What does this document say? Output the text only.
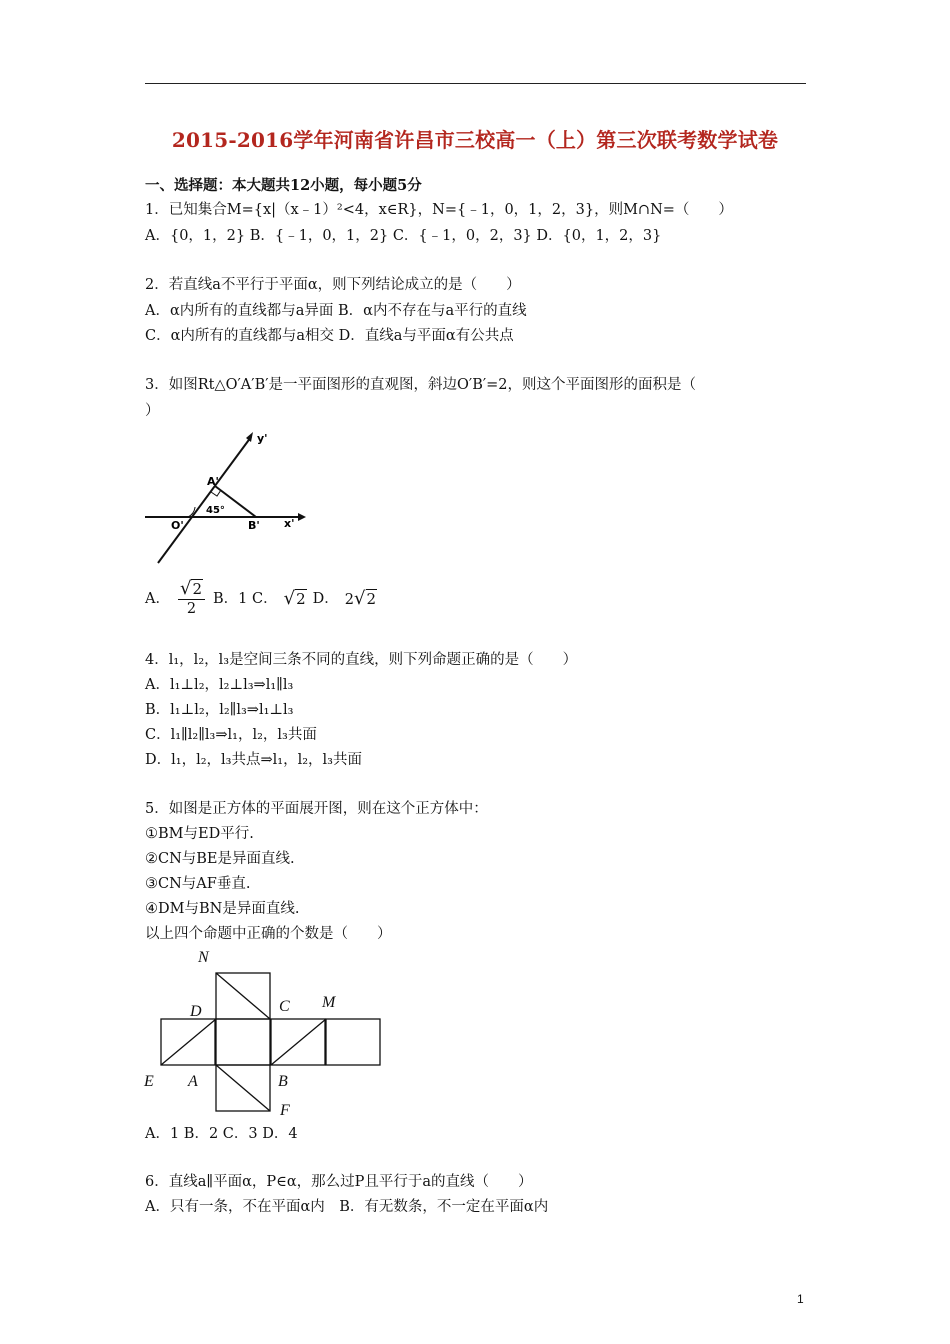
2015-2016学年河南省许昌市三校高一（上）第三次联考数学试卷
一、选择题：本大题共12小题，每小题5分
1．已知集合M={x|（x﹣1）²<4，x∈R}，N={﹣1，0，1，2，3}，则M∩N=（　　）
A．{0，1，2} B．{﹣1，0，1，2} C．{﹣1，0，2，3} D．{0，1，2，3}
2．若直线a不平行于平面α，则下列结论成立的是（　　）
A．α内所有的直线都与a异面 B．α内不存在与a平行的直线
C．α内所有的直线都与a相交 D．直线a与平面α有公共点
3．如图Rt△O′A′B′是一平面图形的直观图，斜边O′B′=2，则这个平面图形的面积是（
）
y'
x'
A'
B'
O'
45°
A． $\frac{√2}{2}$ B．1 C． √2 D． 2√2
4．l₁，l₂，l₃是空间三条不同的直线，则下列命题正确的是（　　）
A．l₁⊥l₂，l₂⊥l₃⇒l₁∥l₃
B．l₁⊥l₂，l₂∥l₃⇒l₁⊥l₃
C．l₁∥l₂∥l₃⇒l₁，l₂，l₃共面
D．l₁，l₂，l₃共点⇒l₁，l₂，l₃共面
5．如图是正方体的平面展开图，则在这个正方体中：
①BM与ED平行.
②CN与BE是异面直线.
③CN与AF垂直.
④DM与BN是异面直线.
以上四个命题中正确的个数是（　　）
N
D	C M
E A	B
F
A．1 B．2 C．3 D．4
6．直线a∥平面α，P∈α，那么过P且平行于a的直线（　　）
A．只有一条，不在平面α内　B．有无数条，不一定在平面α内
1
